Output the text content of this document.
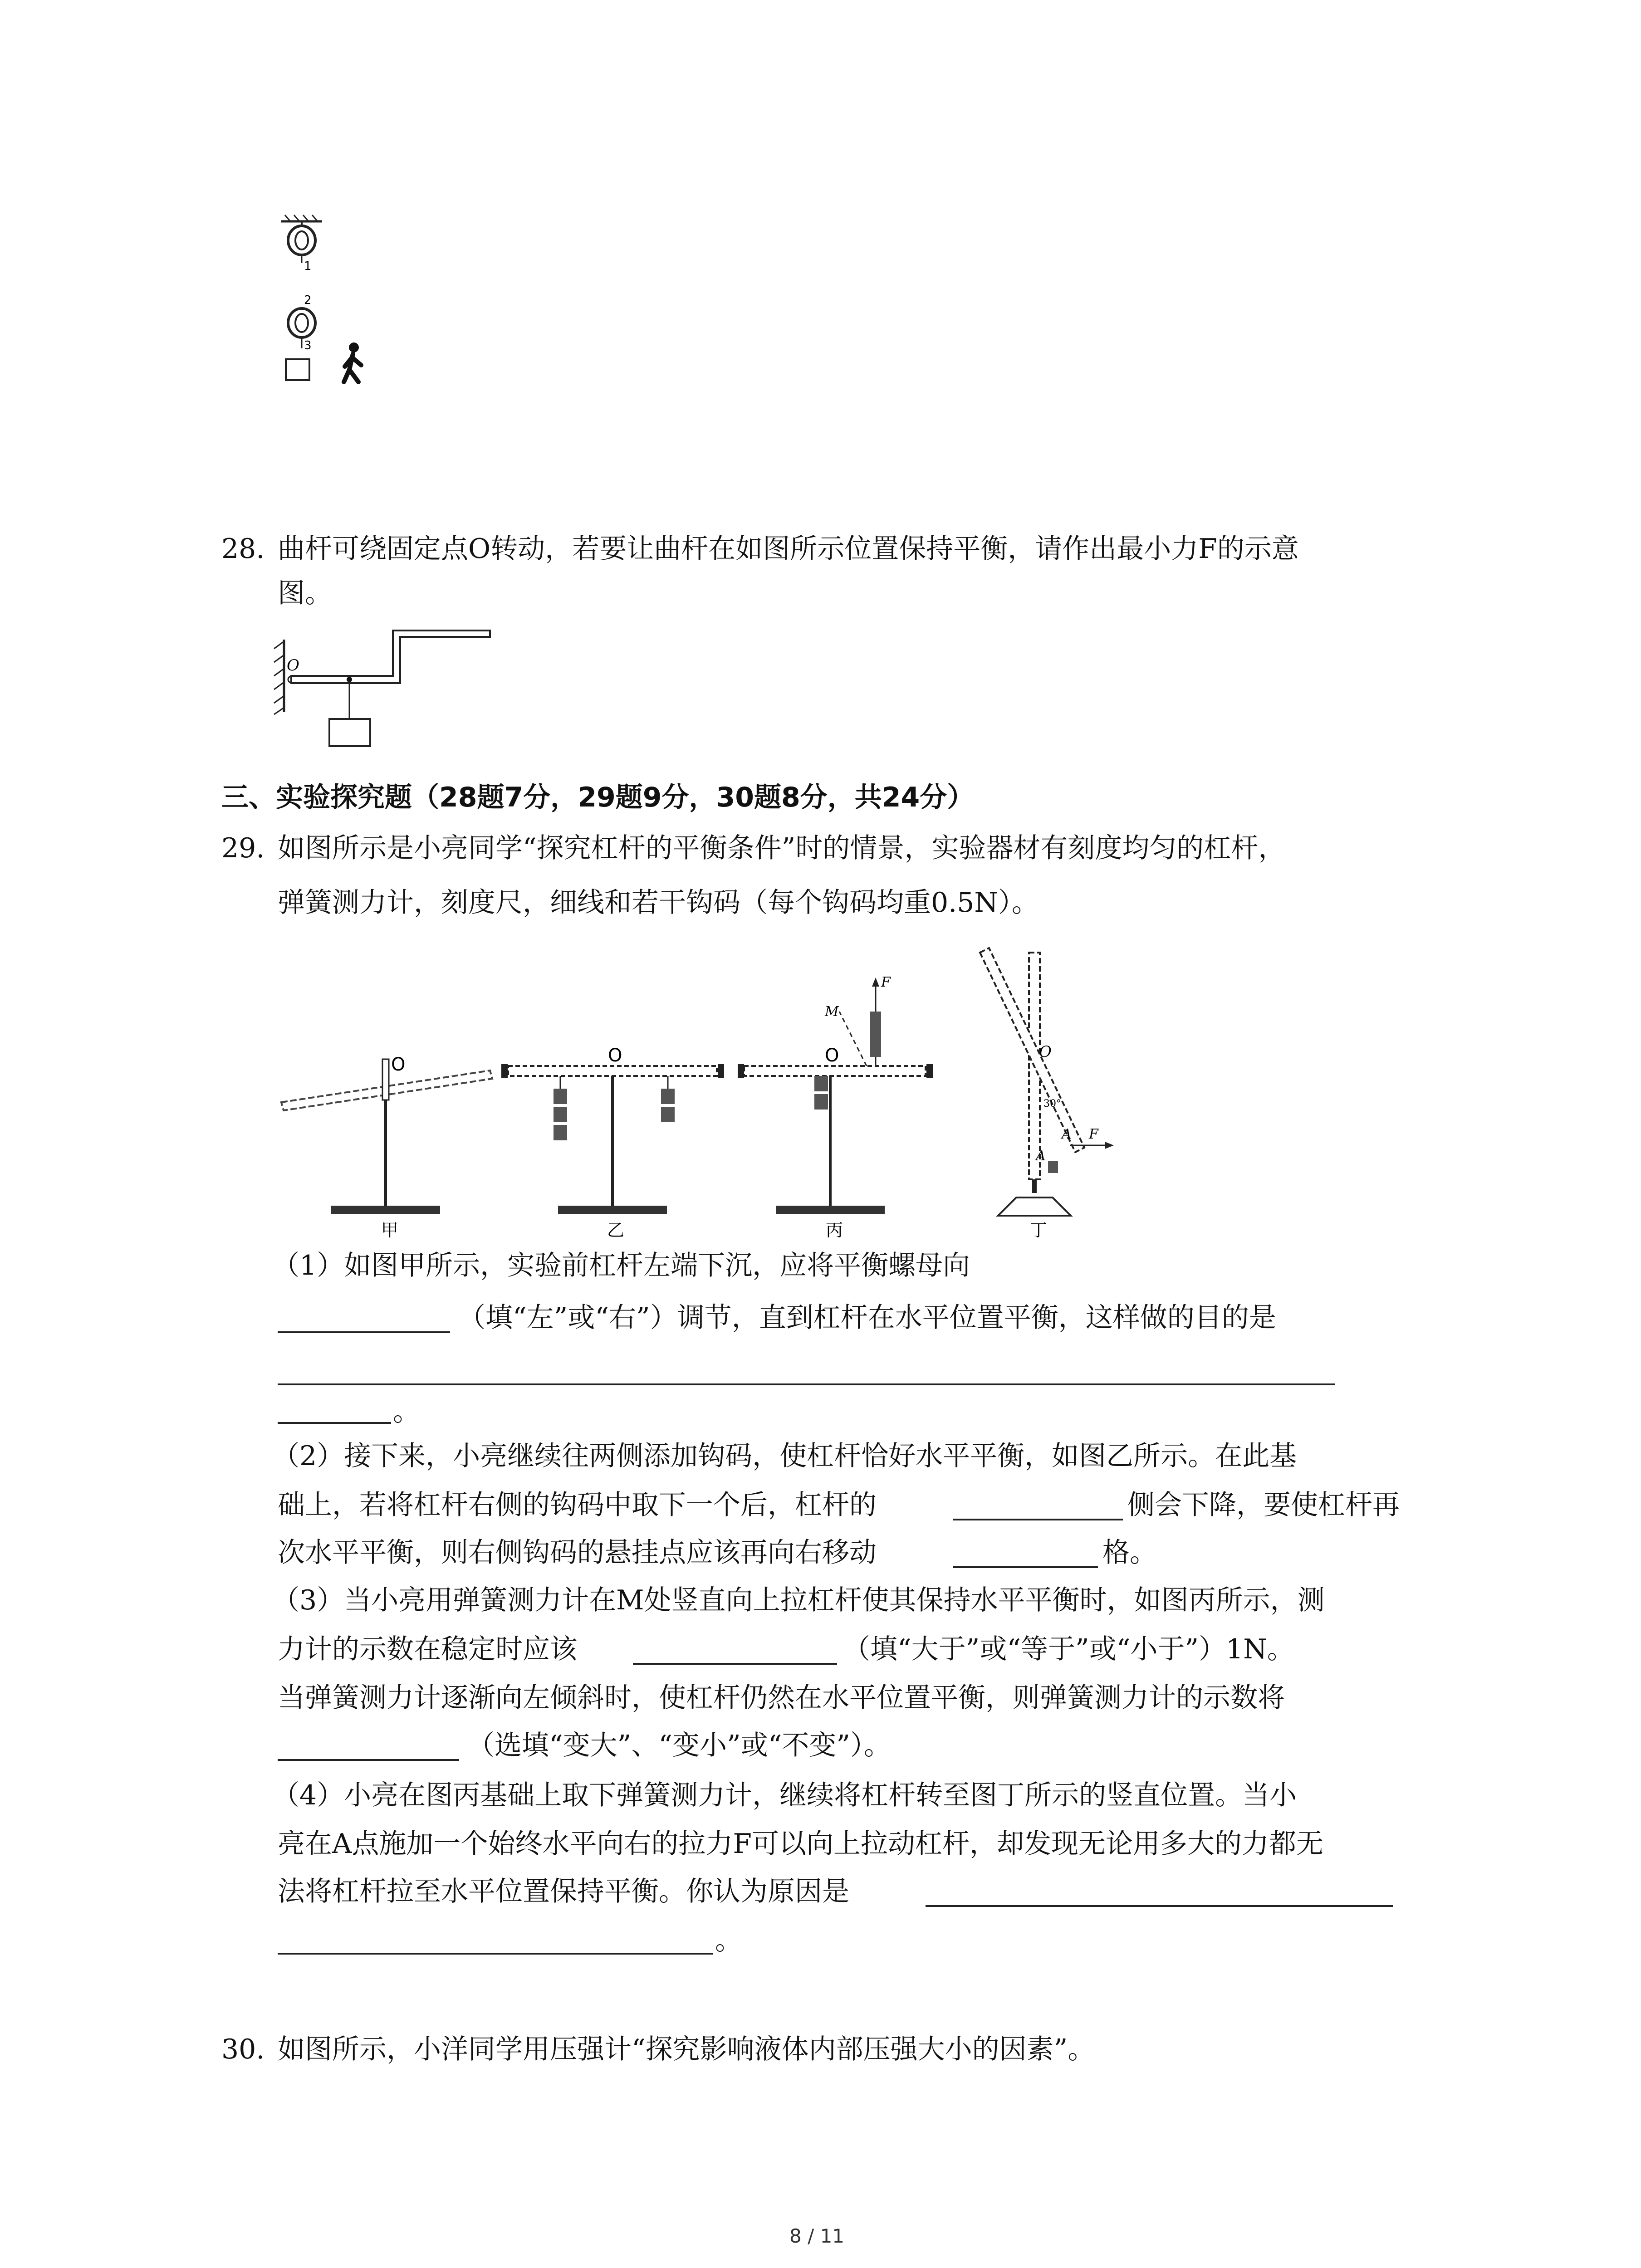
1
2
3
28. 曲杆可绕固定点O转动，若要让曲杆在如图所示位置保持平衡，请作出最小力F的示意
图。
O
三、实验探究题（28题7分，29题9分，30题8分，共24分）
29. 如图所示是小亮同学“探究杠杆的平衡条件”时的情景，实验器材有刻度均匀的杠杆，
弹簧测力计，刻度尺，细线和若干钩码（每个钩码均重0.5N）。
O
甲
O
乙
O
F
M
丙
O
30°
A F
A
丁
（1）如图甲所示，实验前杠杆左端下沉，应将平衡螺母向
（填“左”或“右”）调节，直到杠杆在水平位置平衡，这样做的目的是
。
（2）接下来，小亮继续往两侧添加钩码，使杠杆恰好水平平衡，如图乙所示。在此基
础上，若将杠杆右侧的钩码中取下一个后，杠杆的	侧会下降，要使杠杆再
次水平平衡，则右侧钩码的悬挂点应该再向右移动	格。
（3）当小亮用弹簧测力计在M处竖直向上拉杠杆使其保持水平平衡时，如图丙所示，测
力计的示数在稳定时应该	（填“大于”或“等于”或“小于”）1N。
当弹簧测力计逐渐向左倾斜时，使杠杆仍然在水平位置平衡，则弹簧测力计的示数将
（选填“变大”、“变小”或“不变”）。
（4）小亮在图丙基础上取下弹簧测力计，继续将杠杆转至图丁所示的竖直位置。当小
亮在A点施加一个始终水平向右的拉力F可以向上拉动杠杆，却发现无论用多大的力都无
法将杠杆拉至水平位置保持平衡。你认为原因是
。
30. 如图所示，小洋同学用压强计“探究影响液体内部压强大小的因素”。
8 / 11
